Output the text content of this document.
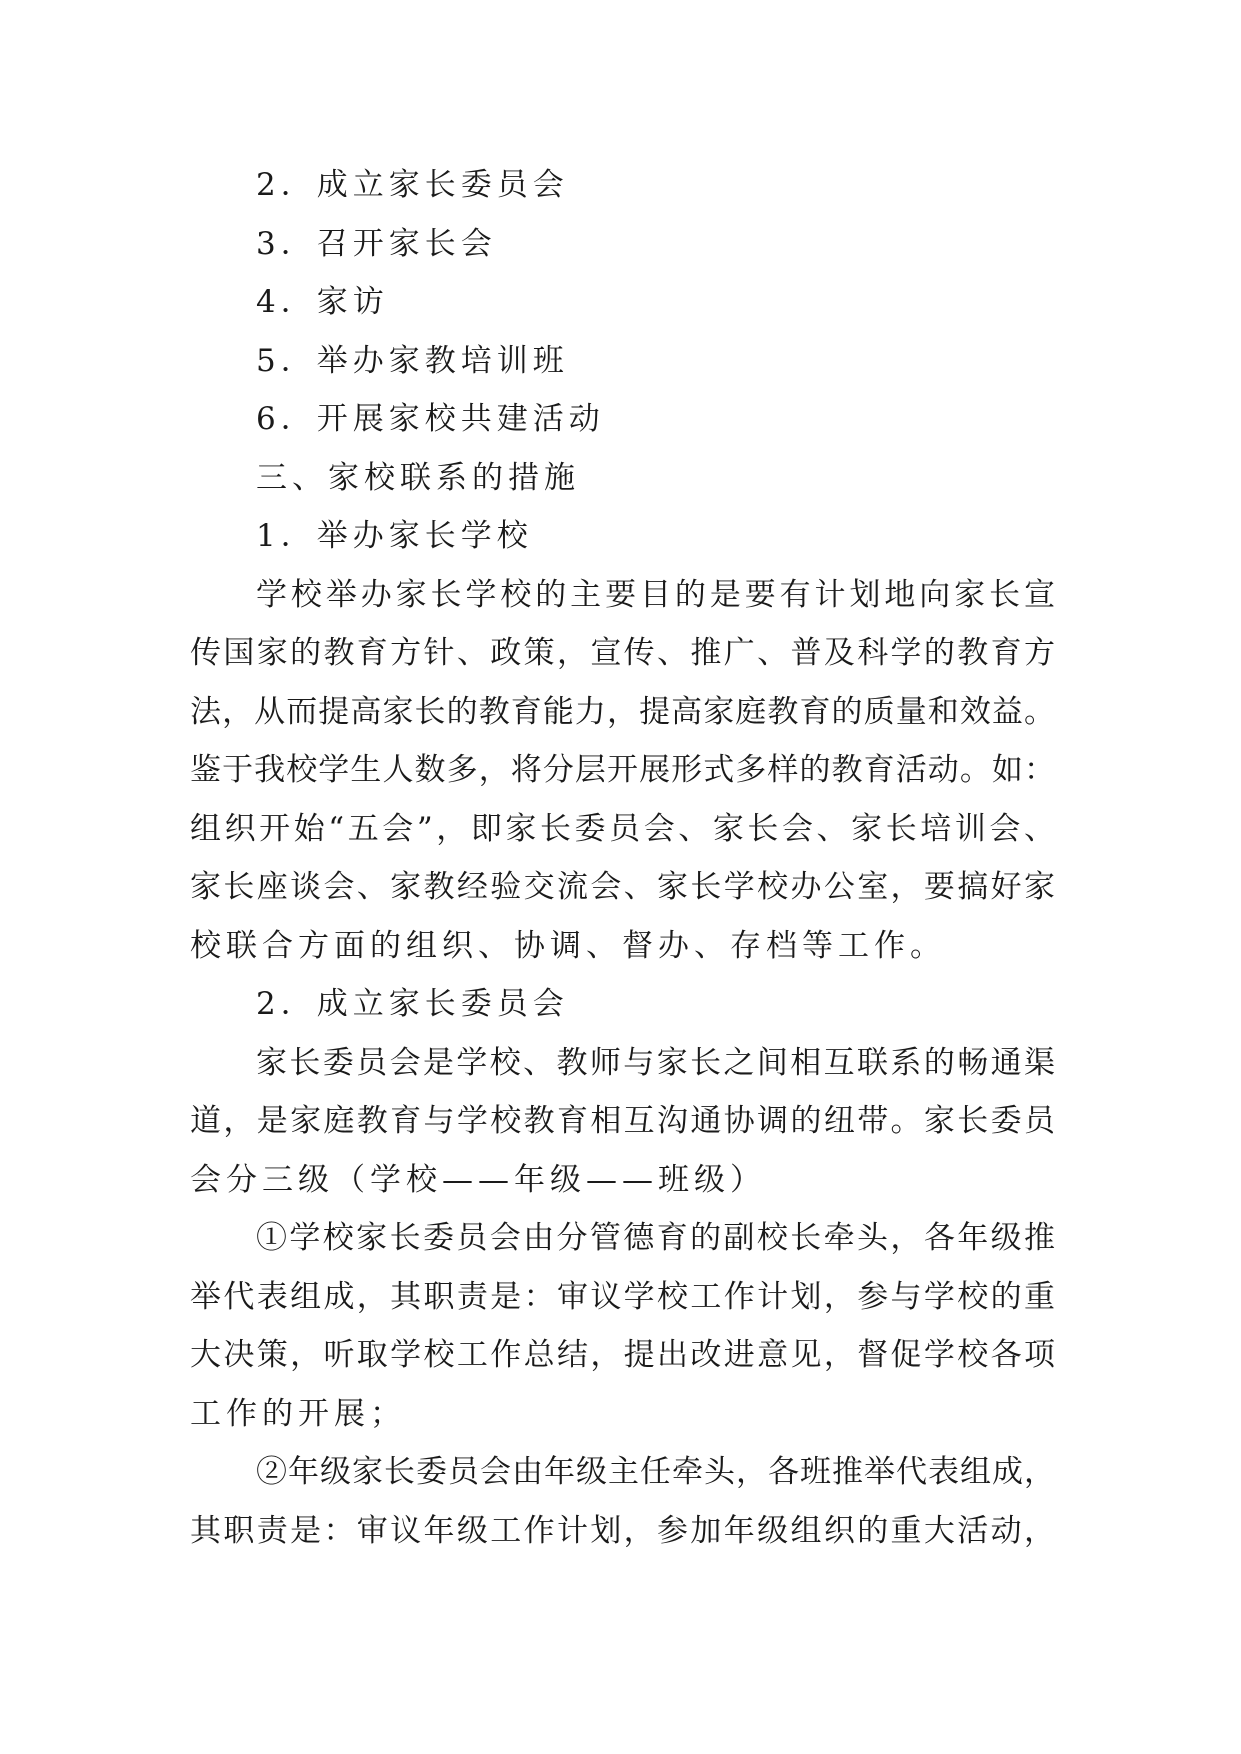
2．成立家长委员会
3．召开家长会
4．家访
5．举办家教培训班
6．开展家校共建活动
三、家校联系的措施
1．举办家长学校
学校举办家长学校的主要目的是要有计划地向家长宣
传国家的教育方针、政策，宣传、推广、普及科学的教育方
法，从而提高家长的教育能力，提高家庭教育的质量和效益。
鉴于我校学生人数多，将分层开展形式多样的教育活动。如：
组织开始“五会”，即家长委员会、家长会、家长培训会、
家长座谈会、家教经验交流会、家长学校办公室，要搞好家
校联合方面的组织、协调、督办、存档等工作。
2．成立家长委员会
家长委员会是学校、教师与家长之间相互联系的畅通渠
道，是家庭教育与学校教育相互沟通协调的纽带。家长委员
会分三级（学校——年级——班级）
①学校家长委员会由分管德育的副校长牵头，各年级推
举代表组成，其职责是：审议学校工作计划，参与学校的重
大决策，听取学校工作总结，提出改进意见，督促学校各项
工作的开展；
②年级家长委员会由年级主任牵头，各班推举代表组成，
其职责是：审议年级工作计划，参加年级组织的重大活动，
